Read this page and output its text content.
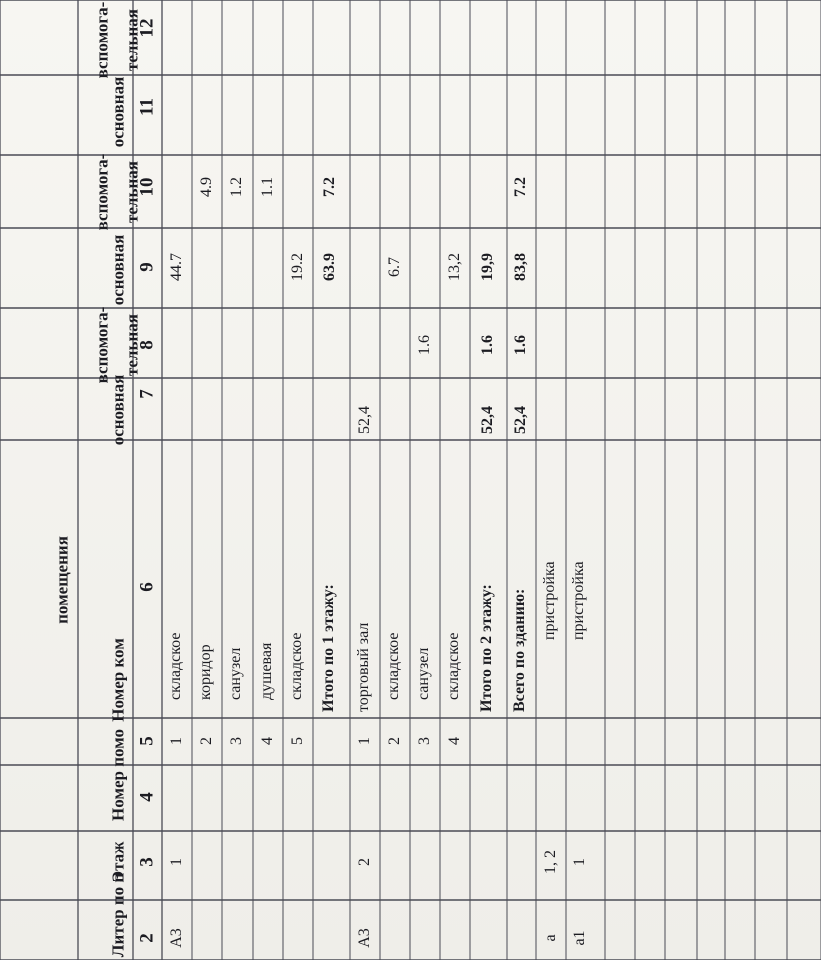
Литер по п
Этаж
Номер помо
Номер ком
помещения
основная
вспомога- тельная
основная
вспомога- тельная
основная
вспомога- тельная
2
3
4
5
6
7
8
9
10
11
12
А3
1
1
44.7
складское
2
4.9
коридор
3
1.2
санузел
4
1.1
душевая
5
19.2
складское
63.9
7.2
Итого по 1 этажу:
А3
2
1
52,4
торговый зал
2
6.7
складское
3
1.6
санузел
4
13,2
складское
52,4
1.6
19,9
Итого по 2 этажу:
52,4
1.6
83,8
7.2
Всего по зданию:
а
1, 2
пристройка
а1
1
пристройка
